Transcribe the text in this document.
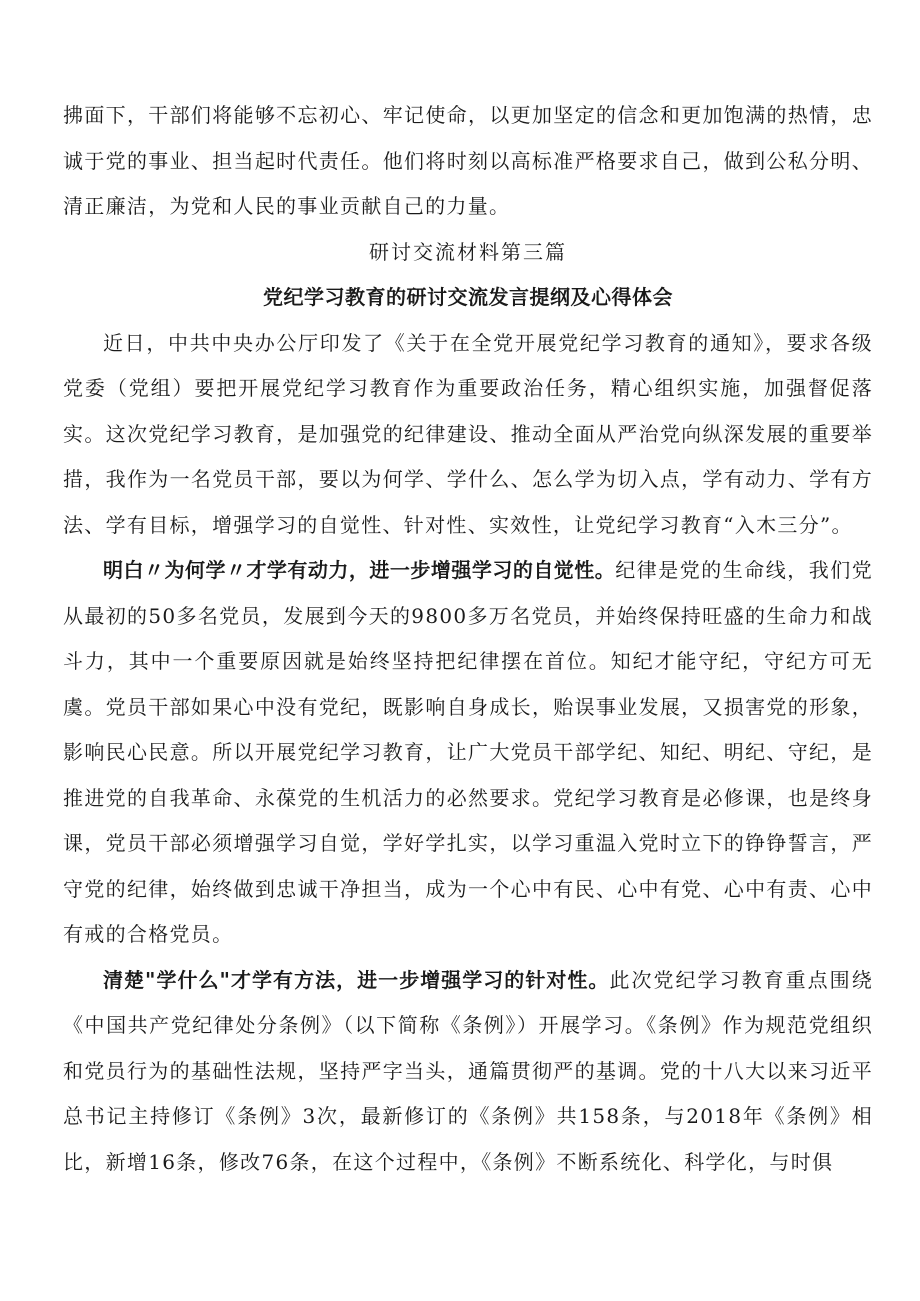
拂面下，干部们将能够不忘初心、牢记使命，以更加坚定的信念和更加饱满的热情，忠诚于党的事业、担当起时代责任。他们将时刻以高标准严格要求自己，做到公私分明、清正廉洁，为党和人民的事业贡献自己的力量。

研讨交流材料第三篇

党纪学习教育的研讨交流发言提纲及心得体会

近日，中共中央办公厅印发了《关于在全党开展党纪学习教育的通知》，要求各级党委（党组）要把开展党纪学习教育作为重要政治任务，精心组织实施，加强督促落实。这次党纪学习教育，是加强党的纪律建设、推动全面从严治党向纵深发展的重要举措，我作为一名党员干部，要以为何学、学什么、怎么学为切入点，学有动力、学有方法、学有目标，增强学习的自觉性、针对性、实效性，让党纪学习教育“入木三分”。

明白〃为何学〃才学有动力，进一步增强学习的自觉性。纪律是党的生命线，我们党从最初的50多名党员，发展到今天的9800多万名党员，并始终保持旺盛的生命力和战斗力，其中一个重要原因就是始终坚持把纪律摆在首位。知纪才能守纪，守纪方可无虞。党员干部如果心中没有党纪，既影响自身成长，贻误事业发展，又损害党的形象，影响民心民意。所以开展党纪学习教育，让广大党员干部学纪、知纪、明纪、守纪，是推进党的自我革命、永葆党的生机活力的必然要求。党纪学习教育是必修课，也是终身课，党员干部必须增强学习自觉，学好学扎实，以学习重温入党时立下的铮铮誓言，严守党的纪律，始终做到忠诚干净担当，成为一个心中有民、心中有党、心中有责、心中有戒的合格党员。

清楚"学什么"才学有方法，进一步增强学习的针对性。此次党纪学习教育重点围绕《中国共产党纪律处分条例》（以下简称《条例》）开展学习。《条例》作为规范党组织和党员行为的基础性法规，坚持严字当头，通篇贯彻严的基调。党的十八大以来习近平总书记主持修订《条例》3次，最新修订的《条例》共158条，与2018年《条例》相比，新增16条，修改76条，在这个过程中，《条例》不断系统化、科学化，与时俱
